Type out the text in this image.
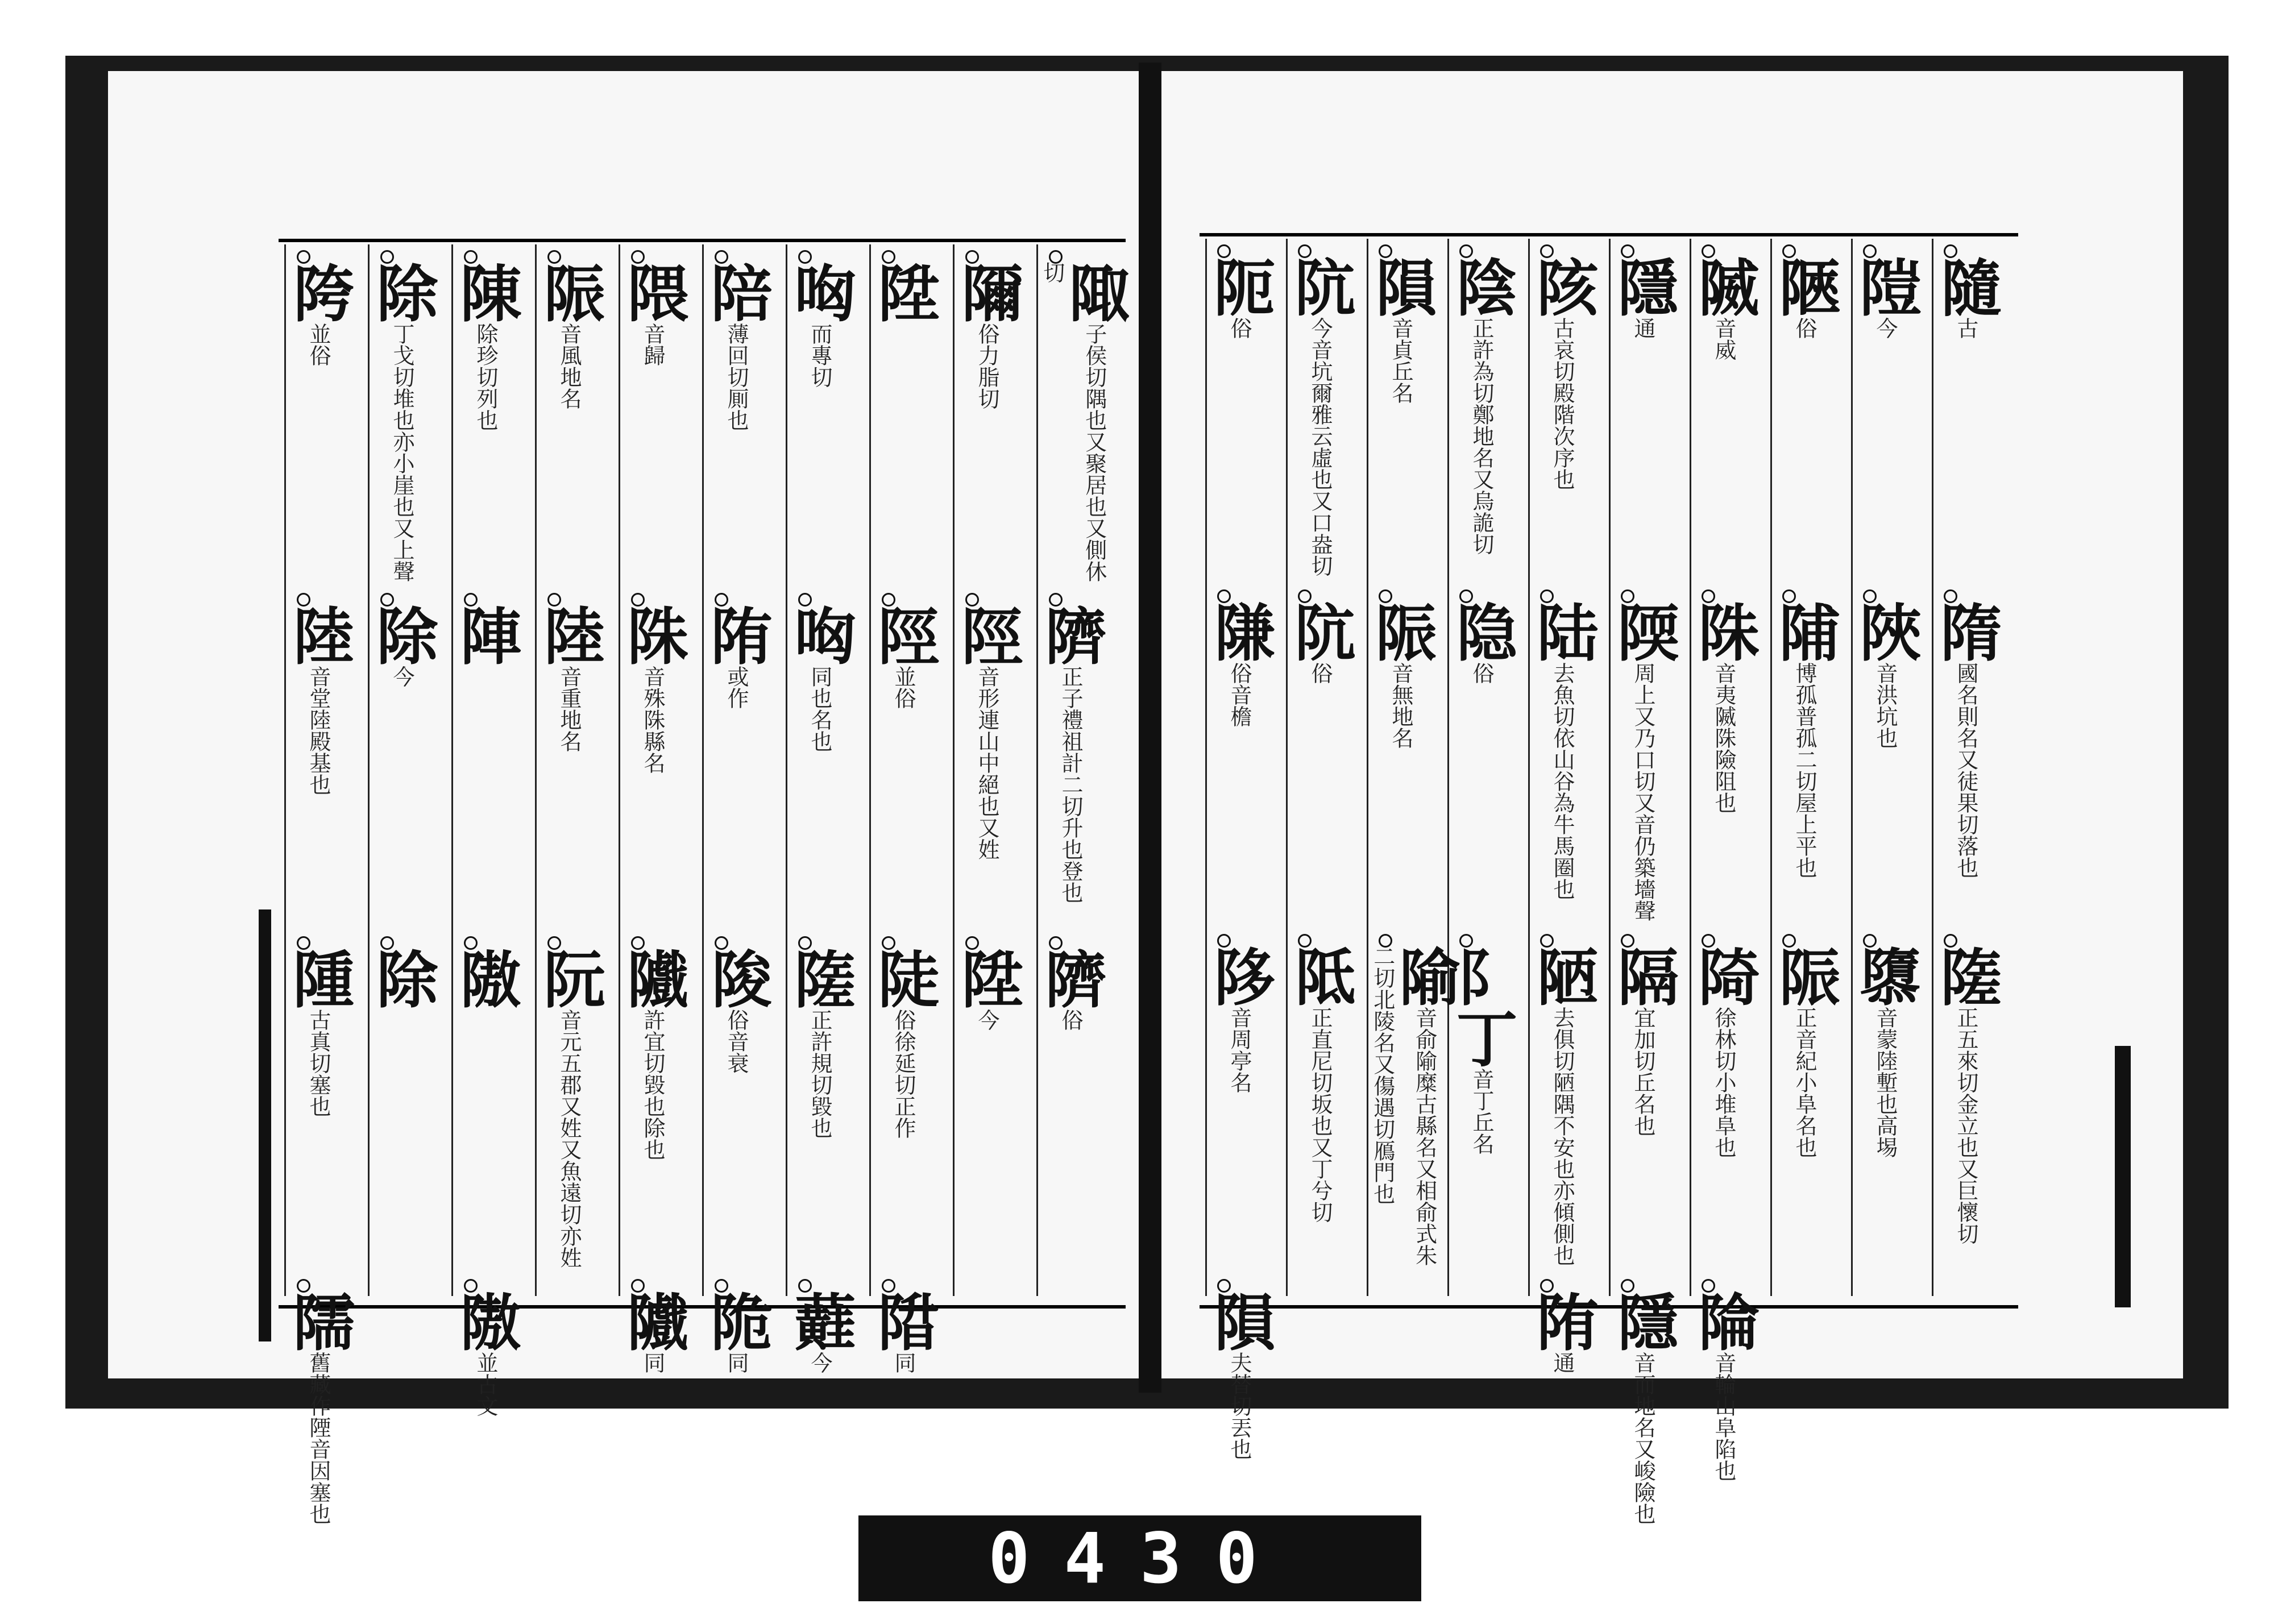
陬子侯切隅也又聚居也又側休切
隮正子禮祖計二切升也登也
隮俗
隬俗力脂切
陘音形連山中絕也又姓
陞今
陞
陘並俗
陡俗徐延切正作
陹同
㕼而專切
㕼同也名也
隓正許規切毀也
蘳今
陪薄回切厠也
陏或作
陖俗音衰
陒同
隈音歸
陎音殊陎縣名
隵許宜切毀也除也
隵同
陙音風地名
陸音重地名
阮音元五郡又姓又魚遠切亦姓
陳除珍切列也
陣
隞
隞並古文
除丁戈切堆也亦小崖也又上聲
除今
除
陓並俗
陸音堂陸殿基也
隀古真切塞也
隭舊藏作陻音因塞也
隨古
隋國名則名又徒果切落也
隓正五來切金立也又巨懷切
隑今
陜音洪坑也
隳音蒙陸塹也高埸
陿俗
陠博孤普孤二切屋上平也
陙正音紀小阜名也
隇音威
陎音夷隇陎險阻也
陭徐林切小堆阜也
陯音輪山阜陷也
隱通
陾周上又乃口切又音仍築墻聲
隔宜加切丘名也
隱音而地名又峻險也
陔古哀切殿階次序也
陆去魚切依山谷為牛馬圈也
陋去俱切陋隅不安也亦傾側也
陏通
陰正許為切鄭地名又烏詭切
隐俗
阝丁音丁丘名
隕音貞丘名
陙音無地名
隃音俞隃糜古縣名又相俞式朱二切北陵名又傷遇切鴈門也
阬今音坑爾雅云虛也又口盎切
阬俗
阺正直尼切坂也又丁兮切
阨俗
隒俗音檐
陊音周亭名
隕夫替切丟也
0430
